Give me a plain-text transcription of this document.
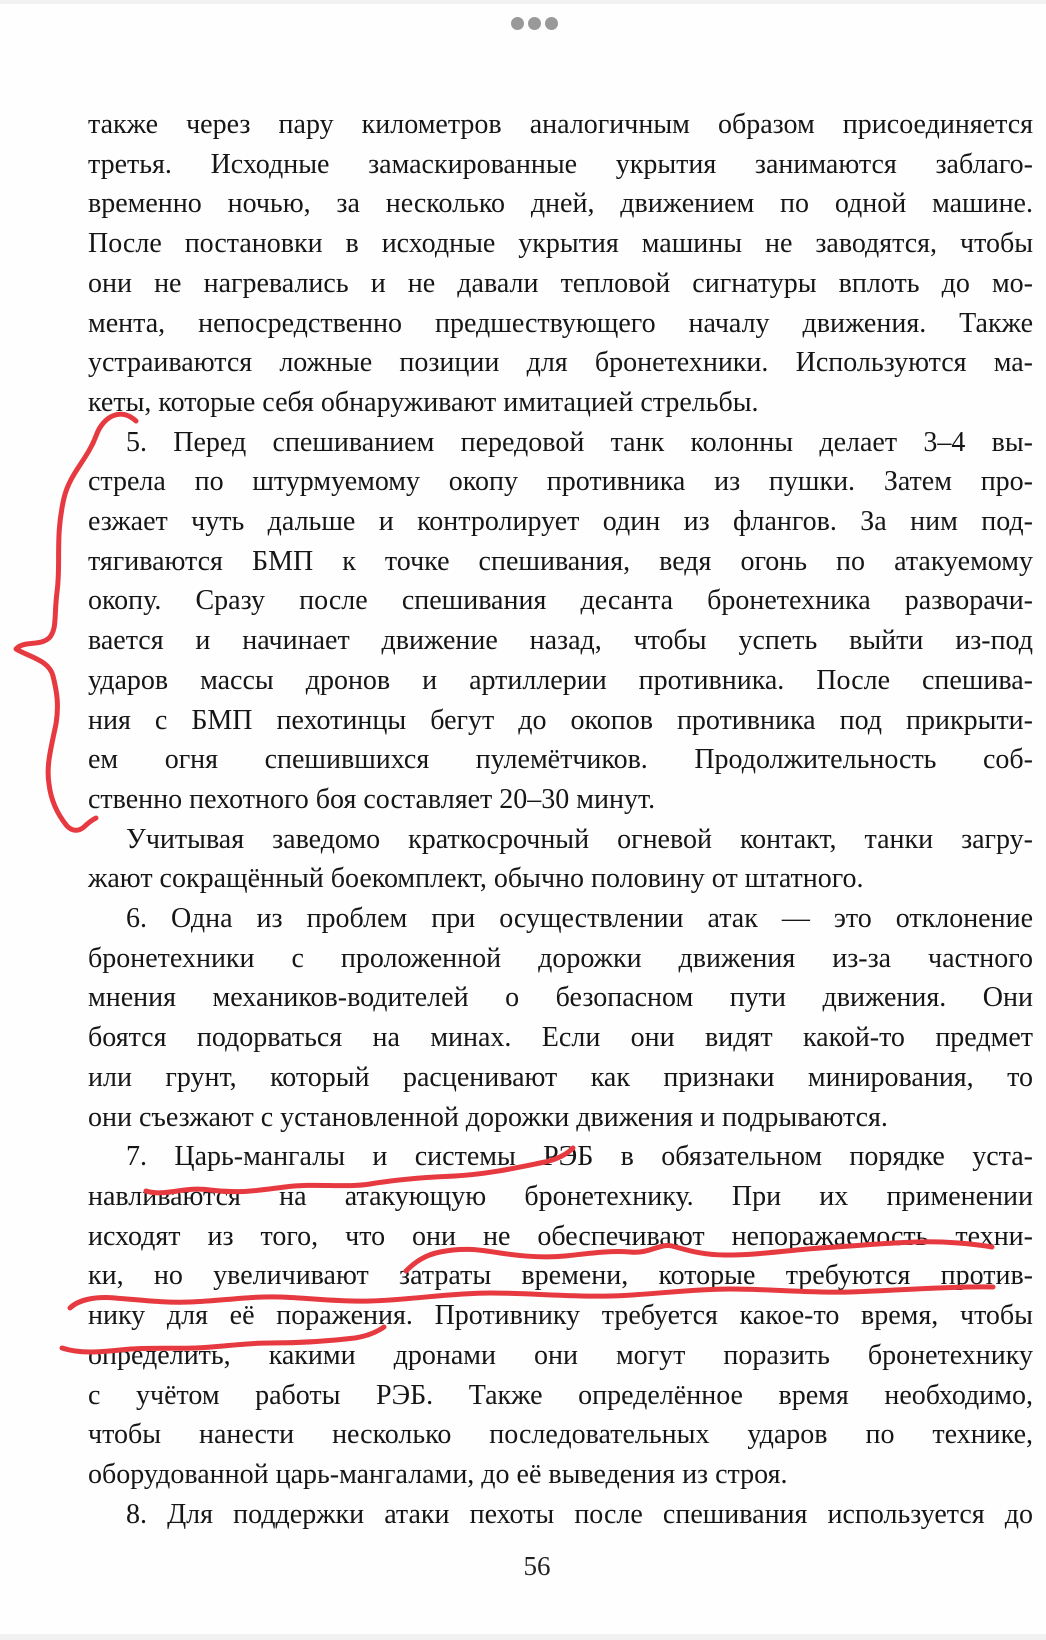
также через пару километров аналогичным образом присоединяется
третья. Исходные замаскированные укрытия занимаются заблаго-
временно ночью, за несколько дней, движением по одной машине.
После постановки в исходные укрытия машины не заводятся, чтобы
они не нагревались и не давали тепловой сигнатуры вплоть до мо-
мента, непосредственно предшествующего началу движения. Также
устраиваются ложные позиции для бронетехники. Используются ма-
кеты, которые себя обнаруживают имитацией стрельбы.
5. Перед спешиванием передовой танк колонны делает 3–4 вы-
стрела по штурмуемому окопу противника из пушки. Затем про-
езжает чуть дальше и контролирует один из флангов. За ним под-
тягиваются БМП к точке спешивания, ведя огонь по атакуемому
окопу. Сразу после спешивания десанта бронетехника разворачи-
вается и начинает движение назад, чтобы успеть выйти из-под
ударов массы дронов и артиллерии противника. После спешива-
ния с БМП пехотинцы бегут до окопов противника под прикрыти-
ем огня спешившихся пулемётчиков. Продолжительность соб-
ственно пехотного боя составляет 20–30 минут.
Учитывая заведомо краткосрочный огневой контакт, танки загру-
жают сокращённый боекомплект, обычно половину от штатного.
6. Одна из проблем при осуществлении атак — это отклонение
бронетехники с проложенной дорожки движения из-за частного
мнения механиков-водителей о безопасном пути движения. Они
боятся подорваться на минах. Если они видят какой-то предмет
или грунт, который расценивают как признаки минирования, то
они съезжают с установленной дорожки движения и подрываются.
7. Царь-мангалы и системы РЭБ в обязательном порядке уста-
навливаются на атакующую бронетехнику. При их применении
исходят из того, что они не обеспечивают непоражаемость техни-
ки, но увеличивают затраты времени, которые требуются против-
нику для её поражения. Противнику требуется какое-то время, чтобы
определить, какими дронами они могут поразить бронетехнику
с учётом работы РЭБ. Также определённое время необходимо,
чтобы нанести несколько последовательных ударов по технике,
оборудованной царь-мангалами, до её выведения из строя.
8. Для поддержки атаки пехоты после спешивания используется до
56
